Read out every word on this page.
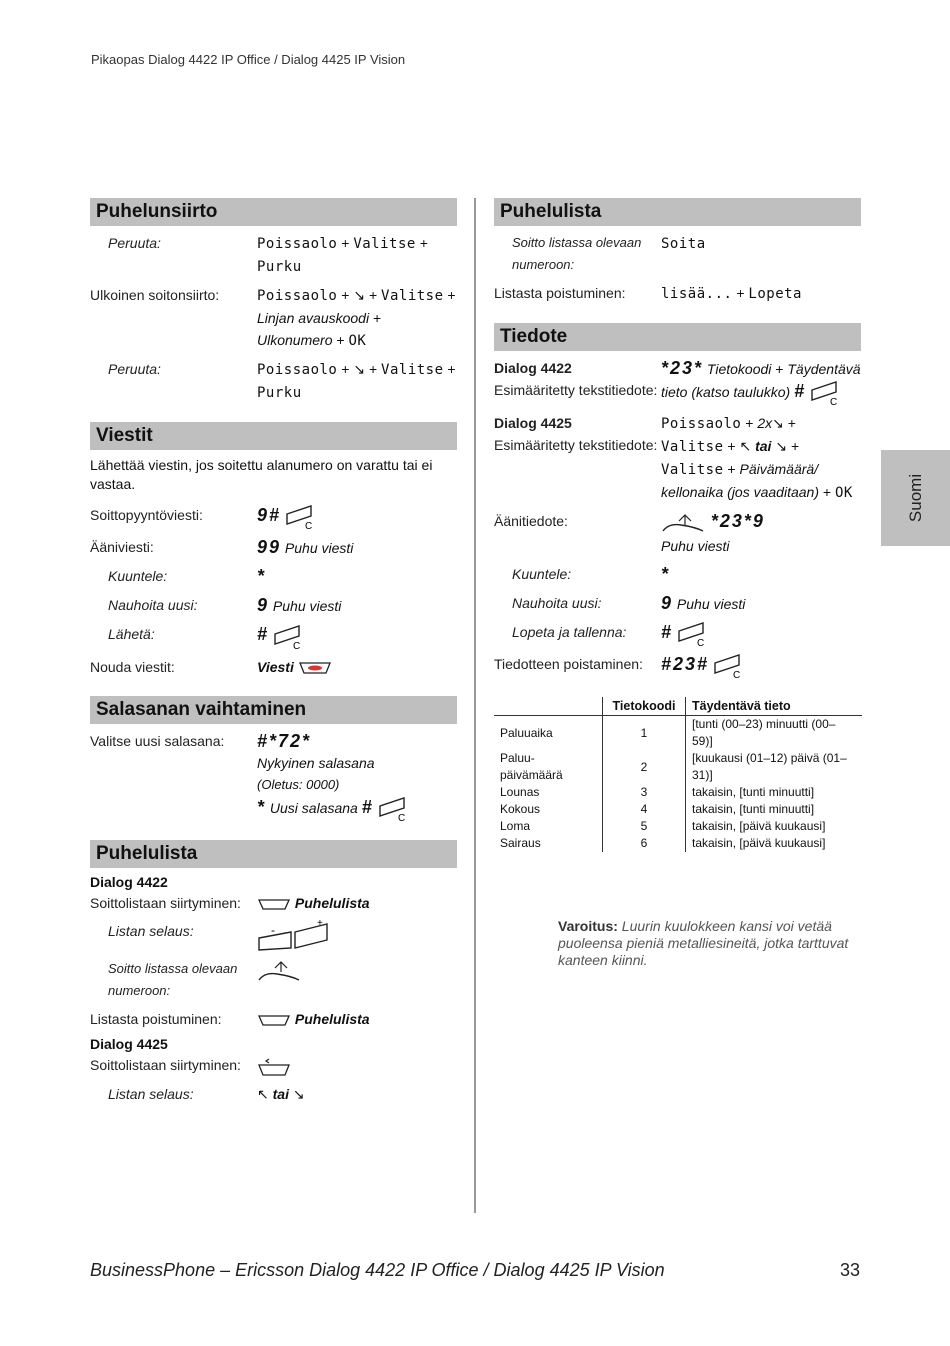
Pikaopas Dialog 4422 IP Office / Dialog 4425 IP Vision
Puhelunsiirto
Peruuta:	Poissaolo + Valitse + Purku
Ulkoinen soitonsiirto:	Poissaolo + ↘ + Valitse + Linjan avauskoodi + Ulkonumero + OK
Peruuta:	Poissaolo + ↘ + Valitse + Purku
Viestit
Lähettää viestin, jos soitettu alanumero on varattu tai ei vastaa.
Soittopyyntöviesti:	9#
C
Ääniviesti:	99 Puhu viesti
Kuuntele:	*
Nauhoita uusi:	9 Puhu viesti
Lähetä:	#
C
Nouda viestit:	Viesti
Salasanan vaihtaminen
Valitse uusi salasana:	#*72*
Nykyinen salasana
(Oletus: 0000)
* Uusi salasana #
C
Puhelulista
Dialog 4422
Soittolistaan siirtyminen:	Puhelulista
Listan selaus:	-	+
Soitto listassa olevaan numeroon:
Listasta poistuminen:	Puhelulista
Dialog 4425
Soittolistaan siirtyminen:
Listan selaus:	↖ tai ↘
Puhelulista
Soitto listassa olevaan numeroon:
Soita
Listasta poistuminen:	lisää... + Lopeta
Tiedote
Dialog 4422
Esimääritetty tekstitiedote:
*23* Tietokoodi + Täydentävä tieto (katso taulukko) #
C
Dialog 4425
Esimääritetty tekstitiedote:
Poissaolo + 2x↘ + Valitse + ↖ tai ↘ + Valitse + Päivämäärä/ kellonaika (jos vaaditaan) + OK
Äänitiedote:	*23*9
Puhu viesti
Kuuntele:	*
Nauhoita uusi:	9 Puhu viesti
Lopeta ja tallenna:	#
C
Tiedotteen poistaminen:	#23#
C
	Tietokoodi	Täydentävä tieto
Paluuaika	1	[tunti (00–23) minuutti (00–59)]
Paluu-päivämäärä	2	[kuukausi (01–12) päivä (01–31)]
Lounas	3	takaisin, [tunti minuutti]
Kokous	4	takaisin, [tunti minuutti]
Loma	5	takaisin, [päivä kuukausi]
Sairaus	6	takaisin, [päivä kuukausi]
Varoitus: Luurin kuulokkeen kansi voi vetää puoleensa pieniä metalliesineitä, jotka tarttuvat kanteen kiinni.
Suomi
BusinessPhone – Ericsson Dialog 4422 IP Office / Dialog 4425 IP Vision	33
